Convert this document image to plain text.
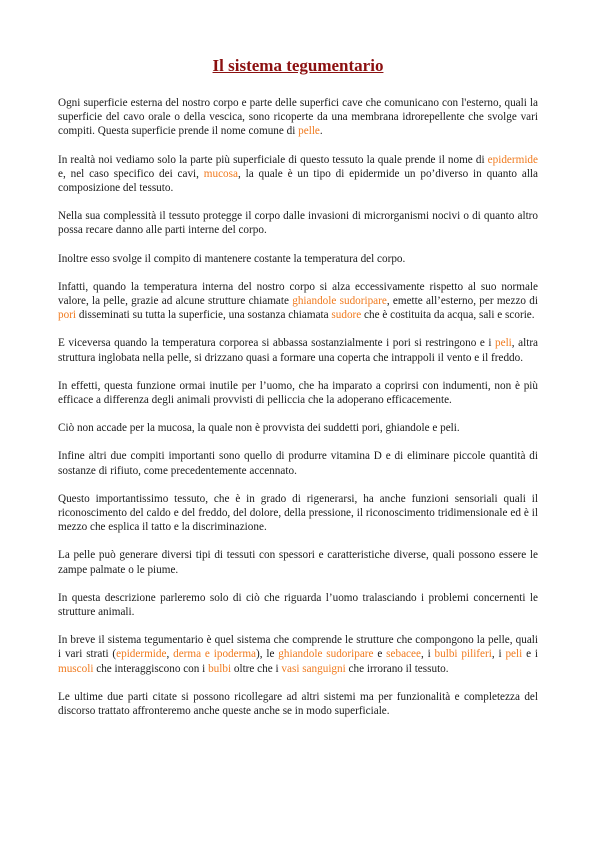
Il sistema tegumentario

Ogni superficie esterna del nostro corpo e parte delle superfici cave che comunicano con l'esterno, quali la superficie del cavo orale o della vescica, sono ricoperte da una membrana idrorepellente che svolge vari compiti. Questa superficie prende il nome comune di pelle.

In realtà noi vediamo solo la parte più superficiale di questo tessuto la quale prende il nome di epidermide e, nel caso specifico dei cavi, mucosa, la quale è un tipo di epidermide un po’diverso in quanto alla composizione del tessuto.

Nella sua complessità il tessuto protegge il corpo dalle invasioni di microrganismi nocivi o di quanto altro possa recare danno alle parti interne del corpo.

Inoltre esso svolge il compito di mantenere costante la temperatura del corpo.

Infatti, quando la temperatura interna del nostro corpo si alza eccessivamente rispetto al suo normale valore, la pelle, grazie ad alcune strutture chiamate ghiandole sudoripare, emette all’esterno, per mezzo di pori disseminati su tutta la superficie, una sostanza chiamata sudore che è costituita da acqua, sali e scorie.

E viceversa quando la temperatura corporea si abbassa sostanzialmente i pori si restringono e i peli, altra struttura inglobata nella pelle, si drizzano quasi a formare una coperta che intrappoli il vento e il freddo.

In effetti, questa funzione ormai inutile per l’uomo, che ha imparato a coprirsi con indumenti, non è più efficace a differenza degli animali provvisti di pelliccia che la adoperano efficacemente.

Ciò non accade per la mucosa, la quale non è provvista dei suddetti pori, ghiandole e peli.

Infine altri due compiti importanti sono quello di produrre vitamina D e di eliminare piccole quantità di sostanze di rifiuto, come precedentemente accennato.

Questo importantissimo tessuto, che è in grado di rigenerarsi, ha anche funzioni sensoriali quali il riconoscimento del caldo e del freddo, del dolore, della pressione, il riconoscimento tridimensionale ed è il mezzo che esplica il tatto e la discriminazione.

La pelle può generare diversi tipi di tessuti con spessori e caratteristiche diverse, quali possono essere le zampe palmate o le piume.

In questa descrizione parleremo solo di ciò che riguarda l’uomo tralasciando i problemi concernenti le strutture animali.

In breve il sistema tegumentario è quel sistema che comprende le strutture che compongono la pelle, quali i vari strati (epidermide, derma e ipoderma), le ghiandole sudoripare e sebacee, i bulbi piliferi, i peli e i muscoli che interaggiscono con i bulbi oltre che i vasi sanguigni che irrorano il tessuto.

Le ultime due parti citate si possono ricollegare ad altri sistemi ma per funzionalità e completezza del discorso trattato affronteremo anche queste anche se in modo superficiale.
